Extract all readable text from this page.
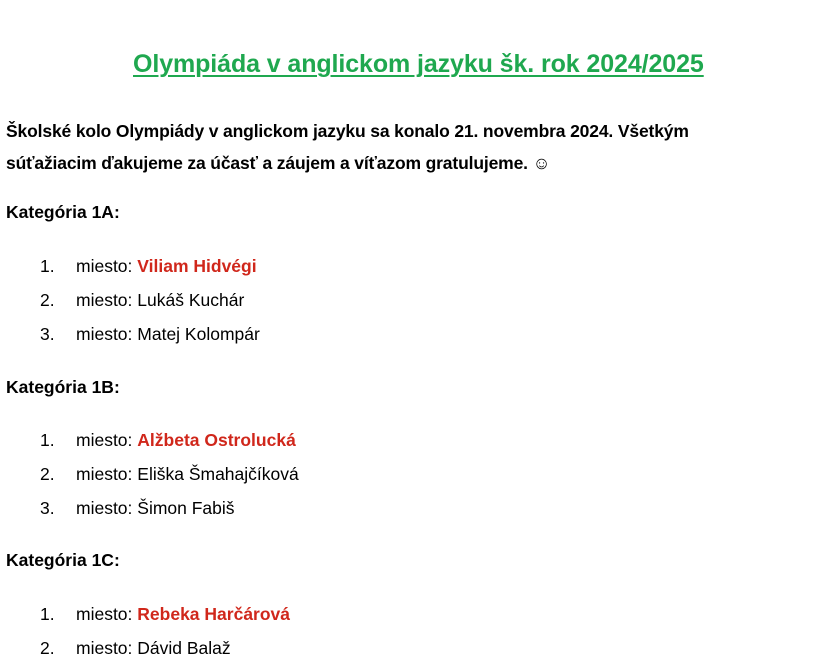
Olympiáda v anglickom jazyku šk. rok 2024/2025
Školské kolo Olympiády v anglickom jazyku sa konalo 21. novembra 2024. Všetkým
súťažiacim ďakujeme za účasť a záujem a víťazom gratulujeme. ☺
Kategória 1A:
1.	miesto: Viliam Hidvégi
2.	miesto: Lukáš Kuchár
3.	miesto: Matej Kolompár
Kategória 1B:
1.	miesto: Alžbeta Ostrolucká
2.	miesto: Eliška Šmahajčíková
3.	miesto: Šimon Fabiš
Kategória 1C:
1.	miesto: Rebeka Harčárová
2.	miesto: Dávid Balaž
